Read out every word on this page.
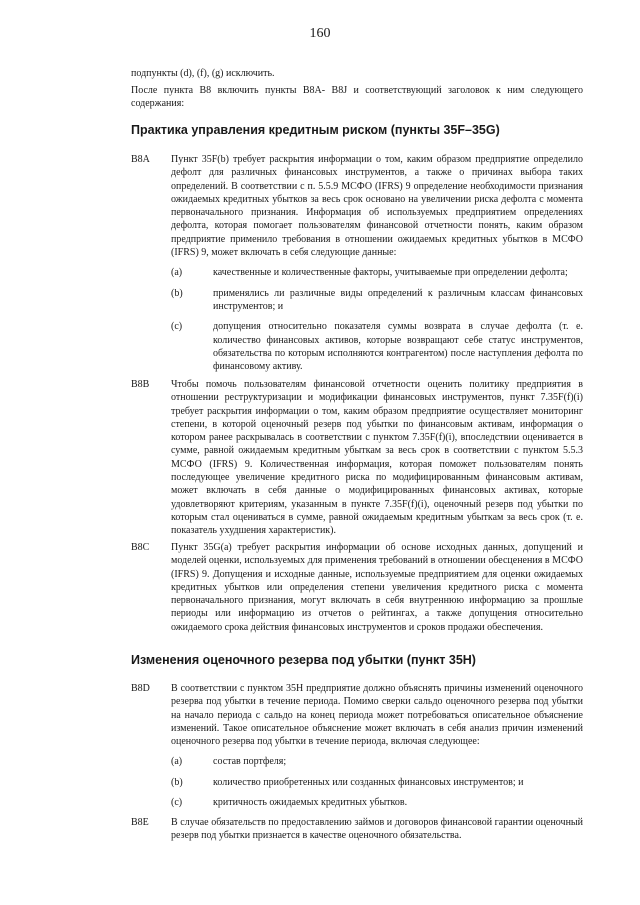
160
подпункты (d), (f), (g) исключить.
После пункта B8 включить пункты B8A- B8J и соответствующий заголовок к ним следующего содержания:
Практика управления кредитным риском (пункты 35F–35G)
B8A Пункт 35F(b) требует раскрытия информации о том, каким образом предприятие определило дефолт для различных финансовых инструментов, а также о причинах выбора таких определений. В соответствии с п. 5.5.9 МСФО (IFRS) 9 определение необходимости признания ожидаемых кредитных убытков за весь срок основано на увеличении риска дефолта с момента первоначального признания. Информация об используемых предприятием определениях дефолта, которая помогает пользователям финансовой отчетности понять, каким образом предприятие применило требования в отношении ожидаемых кредитных убытков в МСФО (IFRS) 9, может включать в себя следующие данные:
(a)	качественные и количественные факторы, учитываемые при определении дефолта;
(b)	применялись ли различные виды определений к различным классам финансовых инструментов; и
(c)	допущения относительно показателя суммы возврата в случае дефолта (т. е. количество финансовых активов, которые возвращают себе статус инструментов, обязательства по которым исполняются контрагентом) после наступления дефолта по финансовому активу.
B8B Чтобы помочь пользователям финансовой отчетности оценить политику предприятия в отношении реструктуризации и модификации финансовых инструментов, пункт 7.35F(f)(i) требует раскрытия информации о том, каким образом предприятие осуществляет мониторинг степени, в которой оценочный резерв под убытки по финансовым активам, информация о котором ранее раскрывалась в соответствии с пунктом 7.35F(f)(i), впоследствии оценивается в сумме, равной ожидаемым кредитным убыткам за весь срок в соответствии с пунктом 5.5.3 МСФО (IFRS) 9. Количественная информация, которая поможет пользователям понять последующее увеличение кредитного риска по модифицированным финансовым активам, может включать в себя данные о модифицированных финансовых активах, которые удовлетворяют критериям, указанным в пункте 7.35F(f)(i), оценочный резерв под убытки по которым стал оцениваться в сумме, равной ожидаемым кредитным убыткам за весь срок (т. е. показатель ухудшения характеристик).
B8C Пункт 35G(a) требует раскрытия информации об основе исходных данных, допущений и моделей оценки, используемых для применения требований в отношении обесценения в МСФО (IFRS) 9. Допущения и исходные данные, используемые предприятием для оценки ожидаемых кредитных убытков или определения степени увеличения кредитного риска с момента первоначального признания, могут включать в себя внутреннюю информацию за прошлые периоды или информацию из отчетов о рейтингах, а также допущения относительно ожидаемого срока действия финансовых инструментов и сроков продажи обеспечения.
Изменения оценочного резерва под убытки (пункт 35H)
B8D В соответствии с пунктом 35H предприятие должно объяснять причины изменений оценочного резерва под убытки в течение периода. Помимо сверки сальдо оценочного резерва под убытки на начало периода с сальдо на конец периода может потребоваться описательное объяснение изменений. Такое описательное объяснение может включать в себя анализ причин изменений оценочного резерва под убытки в течение периода, включая следующее:
(a)	состав портфеля;
(b)	количество приобретенных или созданных финансовых инструментов; и
(c)	критичность ожидаемых кредитных убытков.
B8E В случае обязательств по предоставлению займов и договоров финансовой гарантии оценочный резерв под убытки признается в качестве оценочного обязательства.
